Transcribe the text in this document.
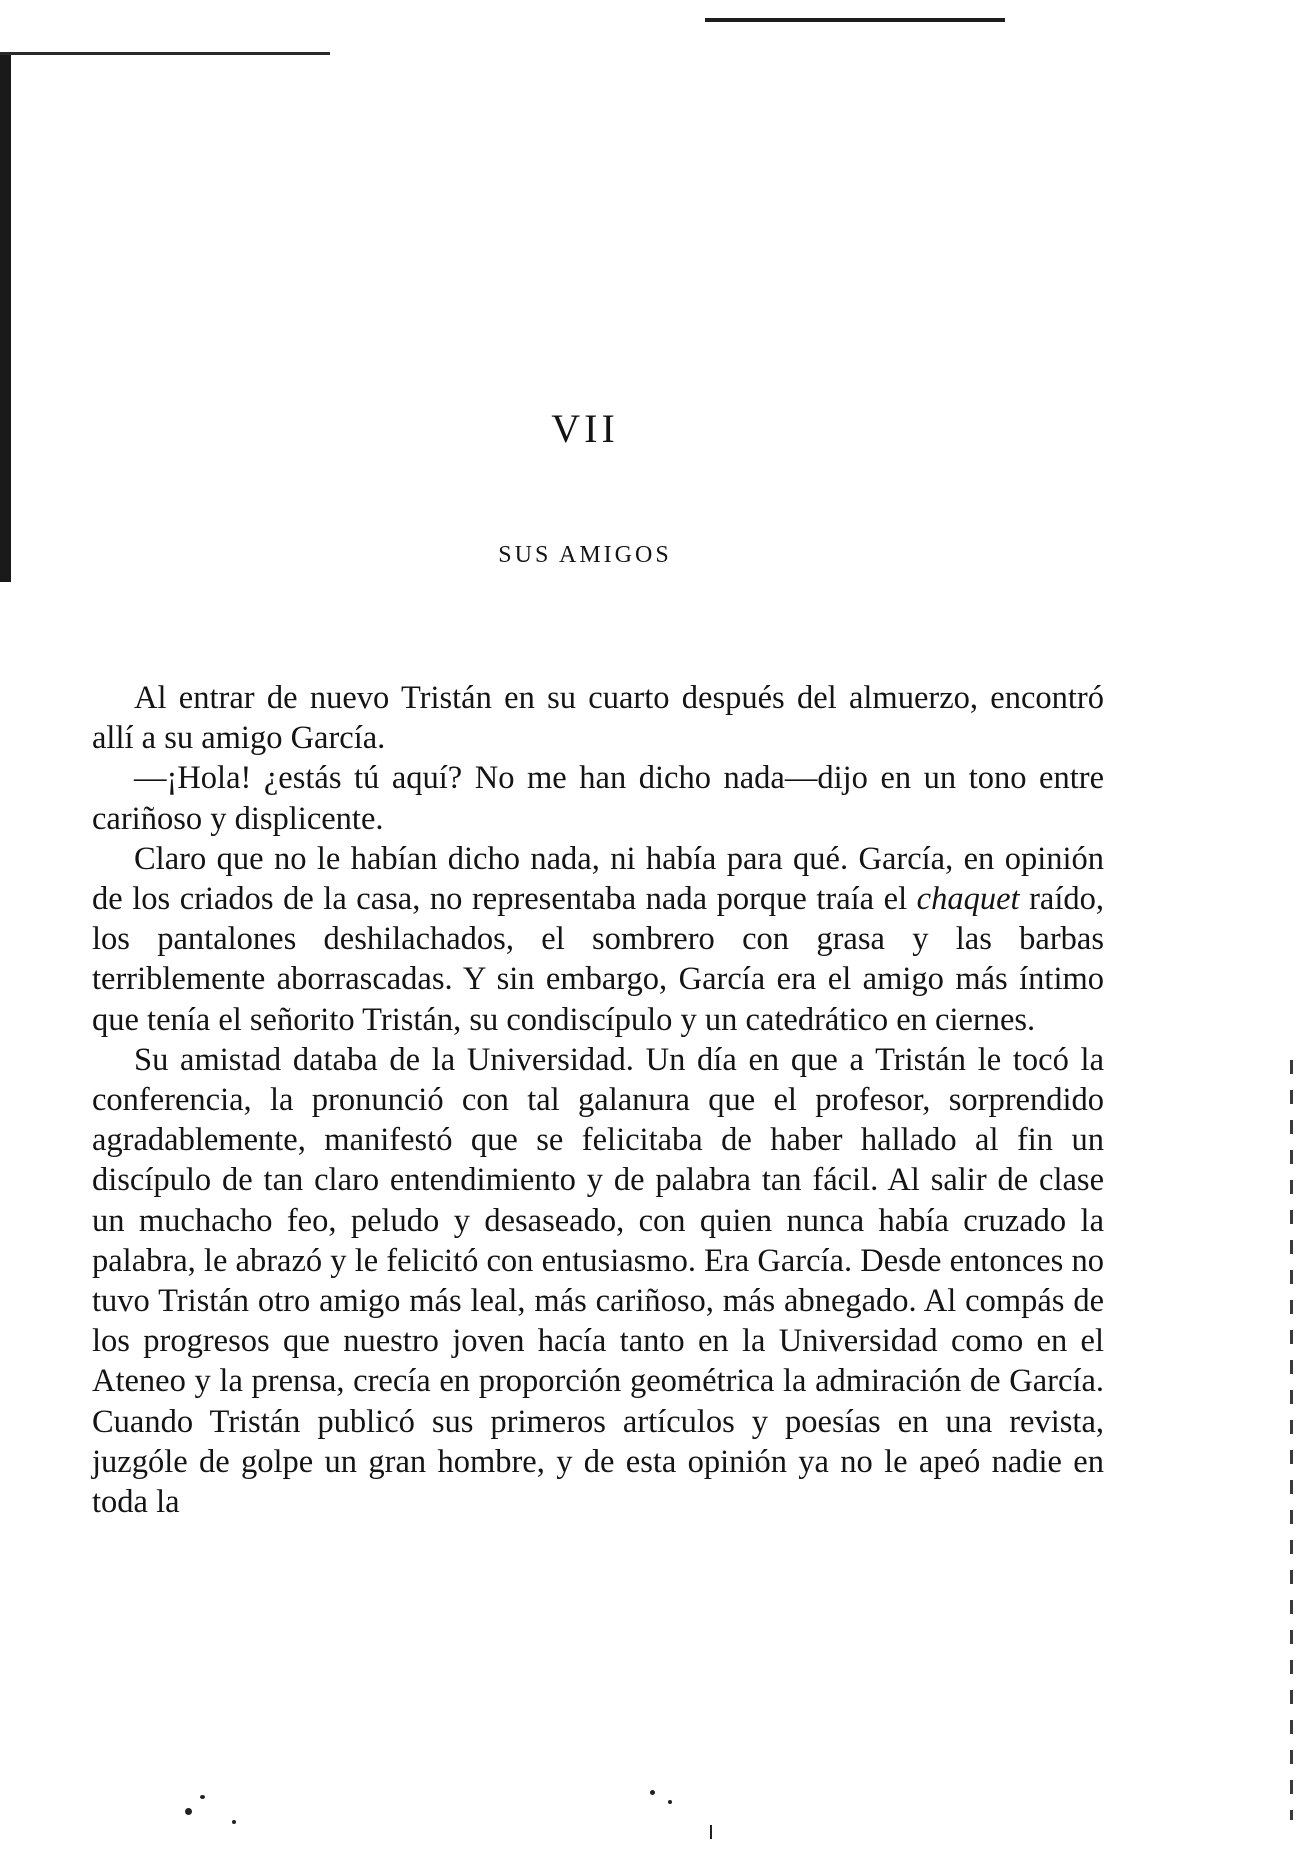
VII
SUS AMIGOS

Al entrar de nuevo Tristán en su cuarto después del almuerzo, encontró allí a su amigo García.

—¡Hola! ¿estás tú aquí? No me han dicho nada—dijo en un tono entre cariñoso y displicente.

Claro que no le habían dicho nada, ni había para qué. García, en opinión de los criados de la casa, no representaba nada porque traía el chaquet raído, los pantalones deshilachados, el sombrero con grasa y las barbas terriblemente aborrascadas. Y sin embargo, García era el amigo más íntimo que tenía el señorito Tristán, su condiscípulo y un catedrático en ciernes.

Su amistad databa de la Universidad. Un día en que a Tristán le tocó la conferencia, la pronunció con tal galanura que el profesor, sorprendido agradablemente, manifestó que se felicitaba de haber hallado al fin un discípulo de tan claro entendimiento y de palabra tan fácil. Al salir de clase un muchacho feo, peludo y desaseado, con quien nunca había cruzado la palabra, le abrazó y le felicitó con entusiasmo. Era García. Desde entonces no tuvo Tristán otro amigo más leal, más cariñoso, más abnegado. Al compás de los progresos que nuestro joven hacía tanto en la Universidad como en el Ateneo y la prensa, crecía en proporción geométrica la admiración de García. Cuando Tristán publicó sus primeros artículos y poesías en una revista, juzgóle de golpe un gran hombre, y de esta opinión ya no le apeó nadie en toda la
